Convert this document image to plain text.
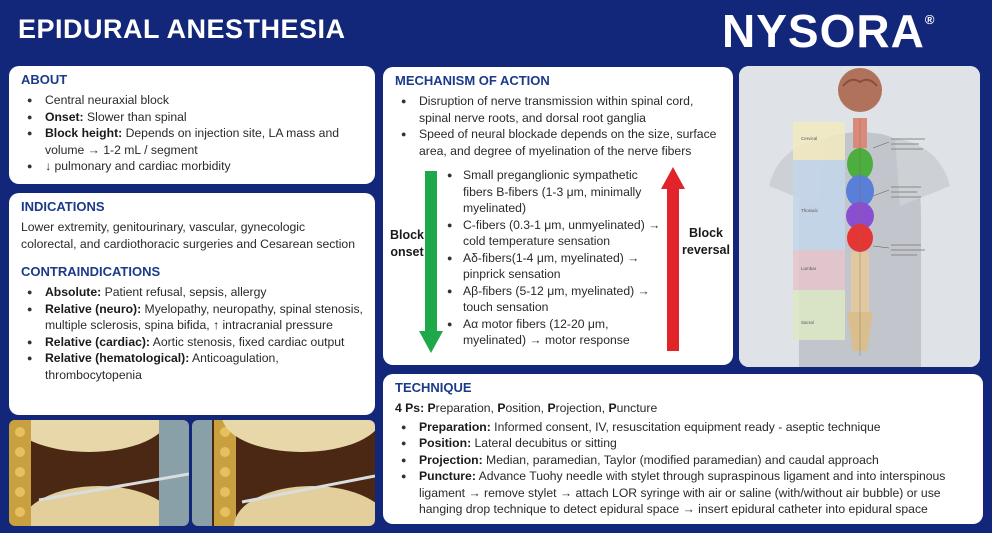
EPIDURAL ANESTHESIA	NYSORA®
ABOUT
● Central neuraxial block
● Onset: Slower than spinal
● Block height: Depends on injection site, LA mass and volume → 1-2 mL / segment
● ↓ pulmonary and cardiac morbidity
INDICATIONS
Lower extremity, genitourinary, vascular, gynecologic colorectal, and cardiothoracic surgeries and Cesarean section
CONTRAINDICATIONS
● Absolute: Patient refusal, sepsis, allergy
● Relative (neuro): Myelopathy, neuropathy, spinal stenosis, multiple sclerosis, spina bifida, ↑ intracranial pressure
● Relative (cardiac): Aortic stenosis, fixed cardiac output
● Relative (hematological): Anticoagulation, thrombocytopenia
MECHANISM OF ACTION
● Disruption of nerve transmission within spinal cord, spinal nerve roots, and dorsal root ganglia
● Speed of neural blockade depends on the size, surface area, and degree of myelination of the nerve fibers
Block
onset
Block
reversal
● Small preganglionic sympathetic fibers B-fibers (1-3 μm, minimally myelinated)
● C-fibers (0.3-1 μm, unmyelinated) → cold temperature sensation
● Aδ-fibers(1-4 μm, myelinated) → pinprick sensation
● Aβ-fibers (5-12 μm, myelinated) → touch sensation
● Aα motor fibers (12-20 μm, myelinated) → motor response
Cervical
Thoracic
Lumbar
Sacral
TECHNIQUE
4 Ps: Preparation, Position, Projection, Puncture
● Preparation: Informed consent, IV, resuscitation equipment ready - aseptic technique
● Position: Lateral decubitus or sitting
● Projection: Median, paramedian, Taylor (modified paramedian) and caudal approach
● Puncture: Advance Tuohy needle with stylet through supraspinous ligament and into interspinous ligament → remove stylet → attach LOR syringe with air or saline (with/without air bubble) or use hanging drop technique to detect epidural space → insert epidural catheter into epidural space
